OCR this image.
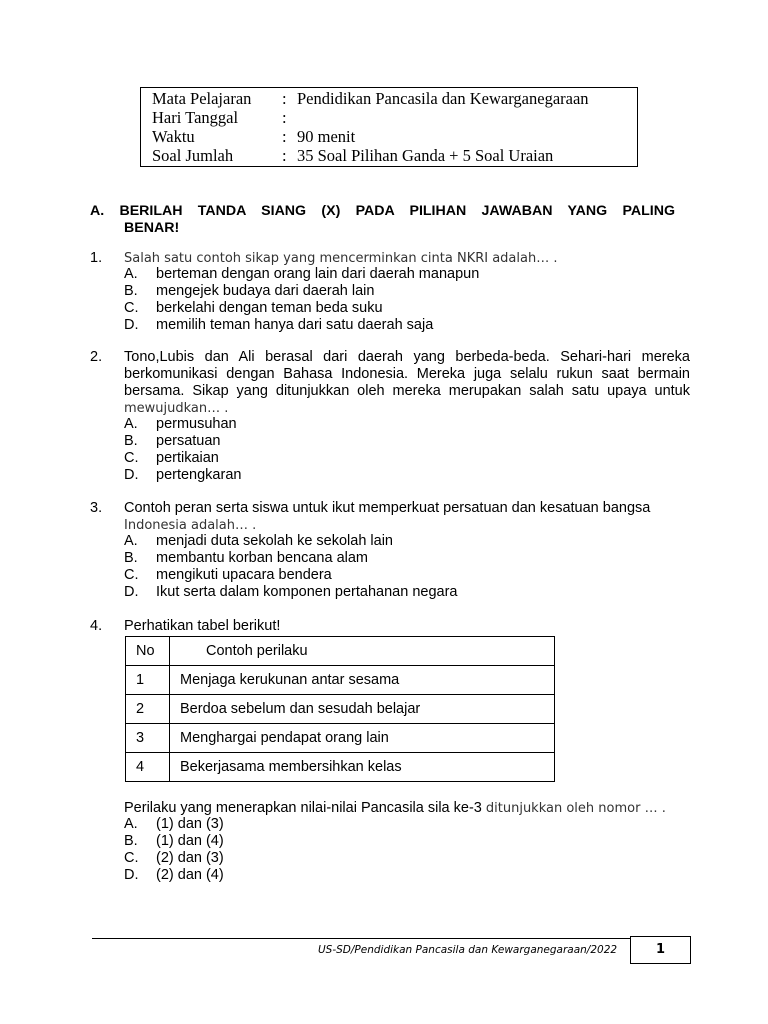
Mata Pelajaran : Pendidikan Pancasila dan Kewarganegaraan
Hari Tanggal	:
Waktu	: 90 menit
Soal Jumlah	: 35 Soal Pilihan Ganda + 5 Soal Uraian
A. BERILAH TANDA SIANG (X) PADA PILIHAN JAWABAN YANG PALING
BENAR!
1. Salah satu contoh sikap yang mencerminkan cinta NKRI adalah… .
A. berteman dengan orang lain dari daerah manapun
B. mengejek budaya dari daerah lain
C. berkelahi dengan teman beda suku
D. memilih teman hanya dari satu daerah saja
2. Tono,Lubis dan Ali berasal dari daerah yang berbeda-beda. Sehari-hari mereka berkomunikasi dengan Bahasa Indonesia. Mereka juga selalu rukun saat bermain bersama. Sikap yang ditunjukkan oleh mereka merupakan salah satu upaya untuk
mewujudkan… .
A. permusuhan
B. persatuan
C. pertikaian
D. pertengkaran
3. Contoh peran serta siswa untuk ikut memperkuat persatuan dan kesatuan bangsa
Indonesia adalah… .
A. menjadi duta sekolah ke sekolah lain
B. membantu korban bencana alam
C. mengikuti upacara bendera
D. Ikut serta dalam komponen pertahanan negara
4. Perhatikan tabel berikut!
No	Contoh perilaku
1	Menjaga kerukunan antar sesama
2	Berdoa sebelum dan sesudah belajar
3	Menghargai pendapat orang lain
4	Bekerjasama membersihkan kelas
Perilaku yang menerapkan nilai-nilai Pancasila sila ke-3 ditunjukkan oleh nomor … .
A. (1) dan (3)
B. (1) dan (4)
C. (2) dan (3)
D. (2) dan (4)
US-SD/Pendidikan Pancasila dan Kewarganegaraan/2022	1
